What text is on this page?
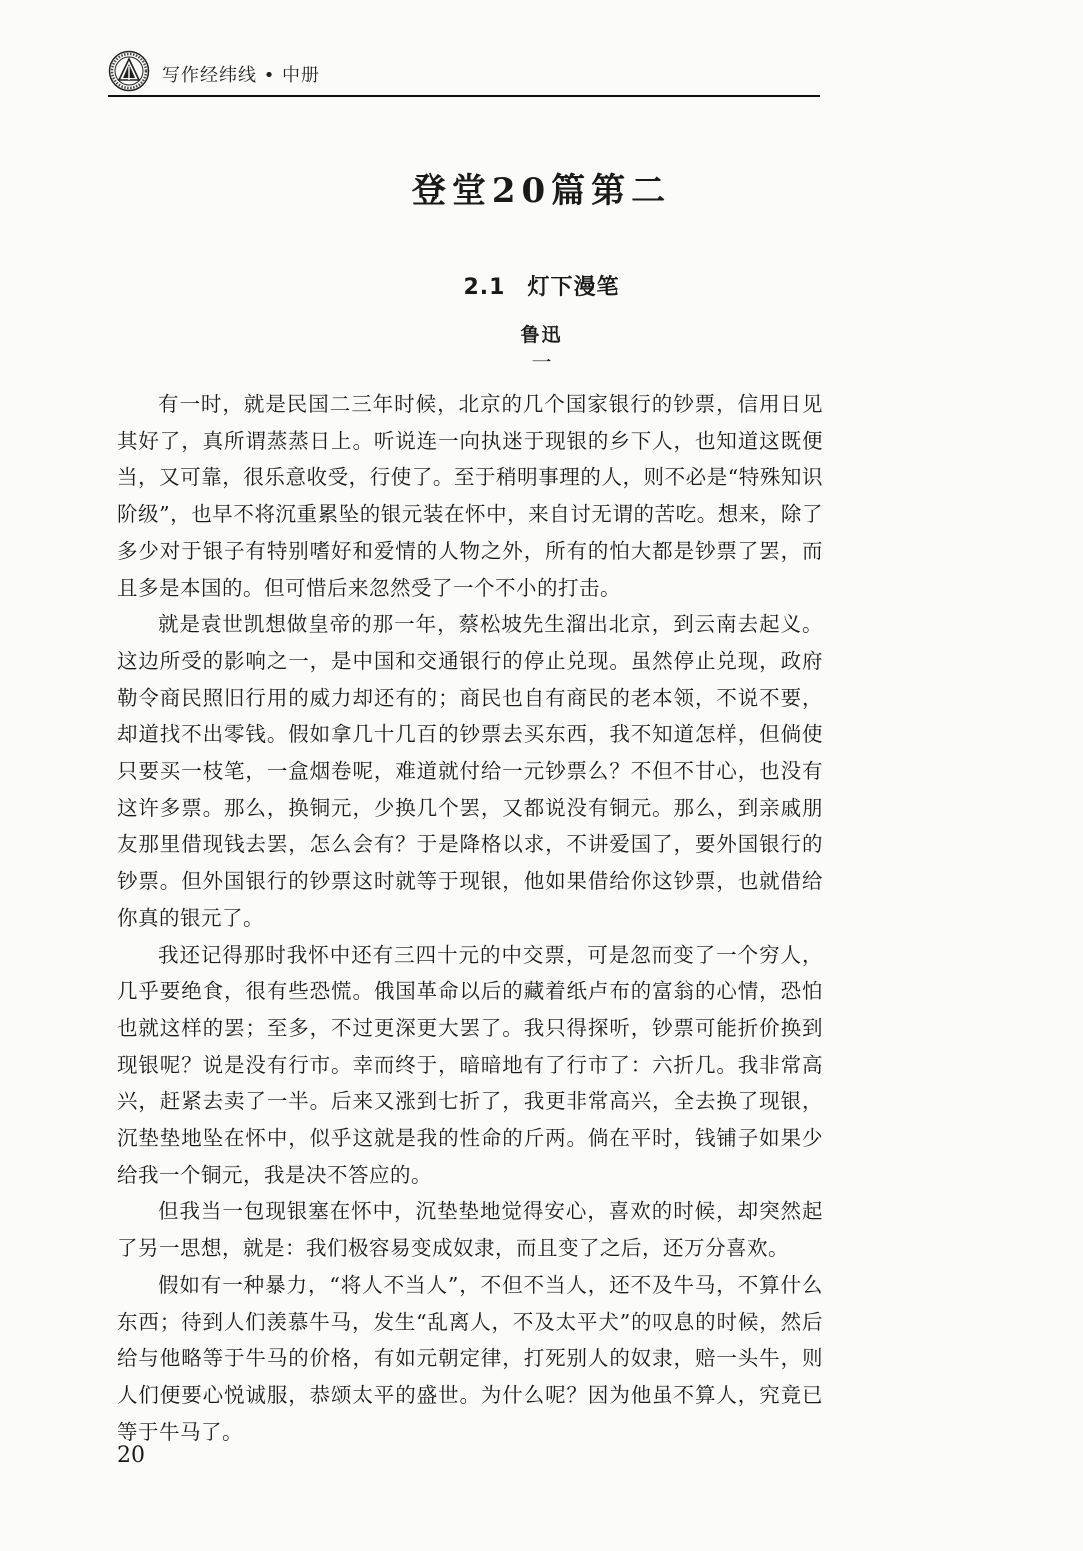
写作经纬线 • 中册
登堂20篇第二
2.1 灯下漫笔
鲁迅
一

有一时，就是民国二三年时候，北京的几个国家银行的钞票，信用日见其好了，真所谓蒸蒸日上。听说连一向执迷于现银的乡下人，也知道这既便当，又可靠，很乐意收受，行使了。至于稍明事理的人，则不必是“特殊知识阶级”，也早不将沉重累坠的银元装在怀中，来自讨无谓的苦吃。想来，除了多少对于银子有特别嗜好和爱情的人物之外，所有的怕大都是钞票了罢，而且多是本国的。但可惜后来忽然受了一个不小的打击。

就是袁世凯想做皇帝的那一年，蔡松坡先生溜出北京，到云南去起义。这边所受的影响之一，是中国和交通银行的停止兑现。虽然停止兑现，政府勒令商民照旧行用的威力却还有的；商民也自有商民的老本领，不说不要，却道找不出零钱。假如拿几十几百的钞票去买东西，我不知道怎样，但倘使只要买一枝笔，一盒烟卷呢，难道就付给一元钞票么？不但不甘心，也没有这许多票。那么，换铜元，少换几个罢，又都说没有铜元。那么，到亲戚朋友那里借现钱去罢，怎么会有？于是降格以求，不讲爱国了，要外国银行的钞票。但外国银行的钞票这时就等于现银，他如果借给你这钞票，也就借给你真的银元了。

我还记得那时我怀中还有三四十元的中交票，可是忽而变了一个穷人，几乎要绝食，很有些恐慌。俄国革命以后的藏着纸卢布的富翁的心情，恐怕也就这样的罢；至多，不过更深更大罢了。我只得探听，钞票可能折价换到现银呢？说是没有行市。幸而终于，暗暗地有了行市了：六折几。我非常高兴，赶紧去卖了一半。后来又涨到七折了，我更非常高兴，全去换了现银，沉垫垫地坠在怀中，似乎这就是我的性命的斤两。倘在平时，钱铺子如果少给我一个铜元，我是决不答应的。

但我当一包现银塞在怀中，沉垫垫地觉得安心，喜欢的时候，却突然起了另一思想，就是：我们极容易变成奴隶，而且变了之后，还万分喜欢。

假如有一种暴力，“将人不当人”，不但不当人，还不及牛马，不算什么东西；待到人们羡慕牛马，发生“乱离人，不及太平犬”的叹息的时候，然后给与他略等于牛马的价格，有如元朝定律，打死别人的奴隶，赔一头牛，则人们便要心悦诚服，恭颂太平的盛世。为什么呢？因为他虽不算人，究竟已等于牛马了。

20
